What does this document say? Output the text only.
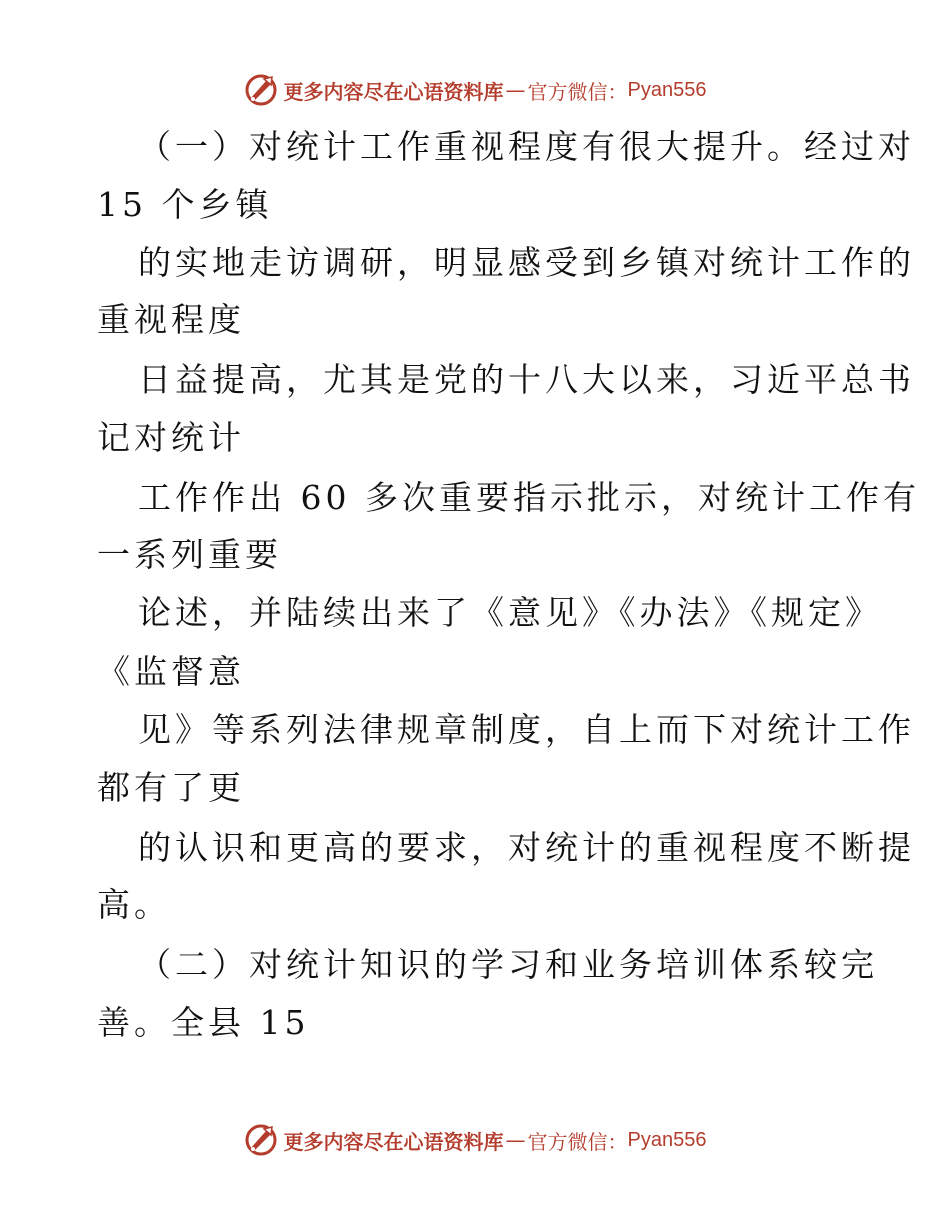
更多内容尽在心语资料库 — 官方微信： Pyan556
（一）对统计工作重视程度有很大提升。经过对
15 个乡镇
的实地走访调研，明显感受到乡镇对统计工作的
重视程度
日益提高，尤其是党的十八大以来，习近平总书
记对统计
工作作出 60 多次重要指示批示，对统计工作有
一系列重要
论述，并陆续出来了《意见》《办法》《规定》
《监督意
见》等系列法律规章制度，自上而下对统计工作
都有了更
的认识和更高的要求，对统计的重视程度不断提
高。
（二）对统计知识的学习和业务培训体系较完
善。全县 15
更多内容尽在心语资料库 — 官方微信： Pyan556
